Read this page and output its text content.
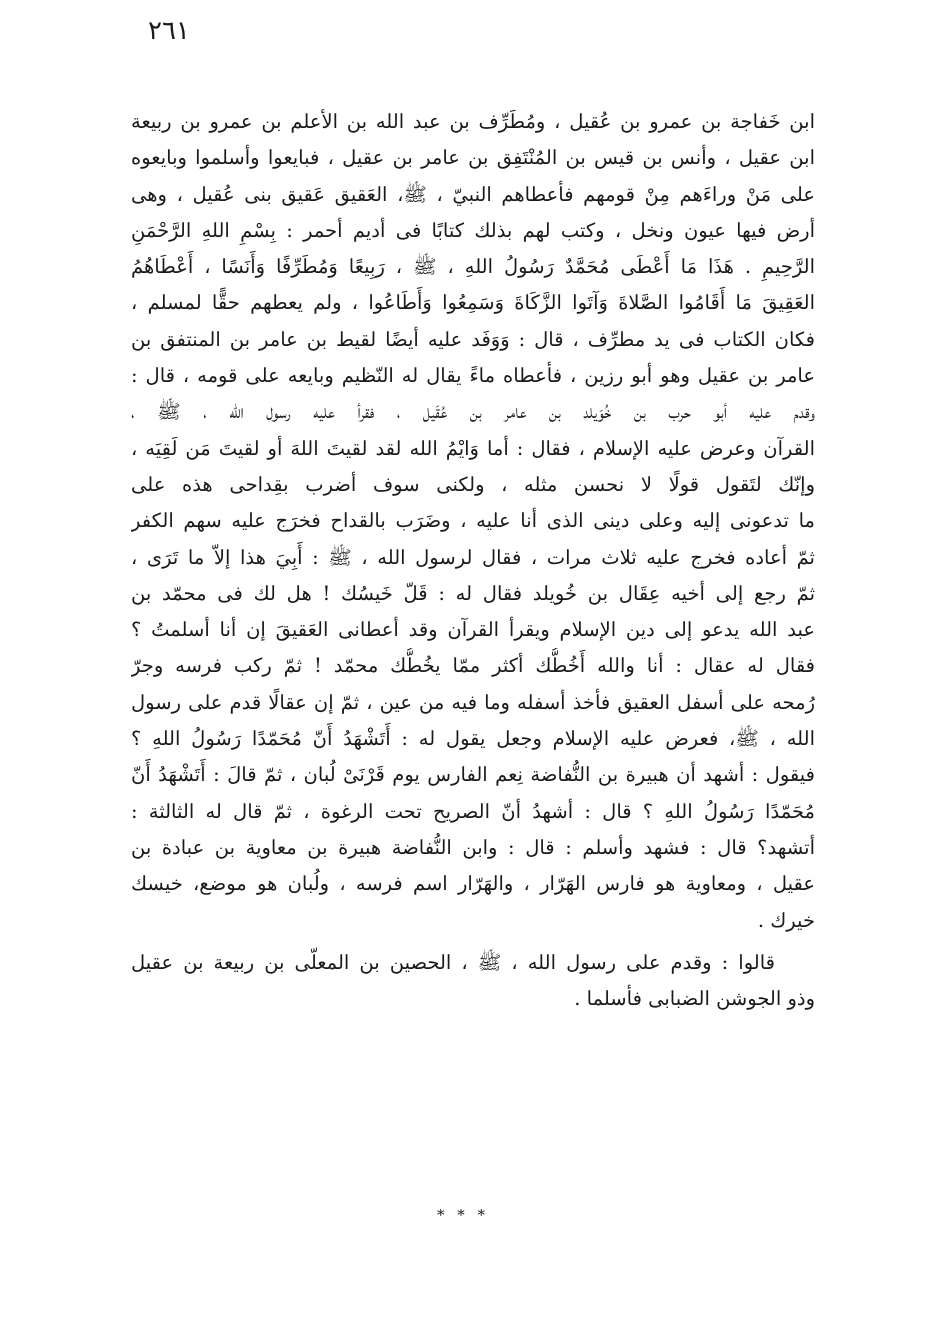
٢٦١
ابن خَفاجة بن عمرو بن عُقيل ، ومُطَرِّف بن عبد الله بن الأعلم بن عمرو بن ربيعة
ابن عقيل ، وأنس بن قيس بن المُنْتَفِق بن عامر بن عقيل ، فبايعوا وأسلموا وبايعوه
على مَنْ وراءَهم مِنْ قومهم فأعطاهم النبيّ ، ﷺ، العَقيق عَقيق بنى عُقيل ، وهى
أرض فيها عيون ونخل ، وكتب لهم بذلك كتابًا فى أديم أحمر : بِسْمِ اللهِ الرَّحْمَنِ
الرَّحِيمِ . هَذَا مَا أَعْطَى مُحَمَّدٌ رَسُولُ اللهِ ، ﷺ ، رَبِيعًا وَمُطَرِّفًا وَأَنَسًا ، أَعْطَاهُمُ
العَقِيقَ مَا أَقَامُوا الصَّلاةَ وَآتَوا الزَّكَاةَ وَسَمِعُوا وَأَطَاعُوا ، ولم يعطهم حقًّا لمسلم ،
فكان الكتاب فى يد مطرِّف ، قال : وَوَفَد عليه أيضًا لقيط بن عامر بن المنتفق بن
عامر بن عقيل وهو أبو رزين ، فأعطاه ماءً يقال له النّظيم وبايعه على قومه ، قال :
وقدم عليه أبو حرب بن خُوَيلد بن عامر بن عُقَيل ، فقرأ عليه رسول الله ، ﷺ ،
القرآن وعرض عليه الإسلام ، فقال : أما وَايْمُ الله لقد لقيتَ اللهَ أو لقيتَ مَن لَقِيَه ،
وإنّك لتَقول قولًا لا نحسن مثله ، ولكنى سوف أضرب بقِداحى هذه على
ما تدعونى إليه وعلى دينى الذى أنا عليه ، وضَرَب بالقداح فخرَج عليه سهم الكفر
ثمّ أعاده فخرج عليه ثلاث مرات ، فقال لرسول الله ، ﷺ : أَبِيَ هذا إلاّ ما تَرَى ،
ثمّ رجع إلى أخيه عِقَال بن خُويلد فقال له : قَلّ خَيسُك ! هل لك فى محمّد بن
عبد الله يدعو إلى دين الإسلام ويقرأ القرآن وقد أعطانى العَقيقَ إن أنا أسلمتُ ؟
فقال له عقال : أنا والله أَخُطُّك أكثر ممّا يخُطُّك محمّد ! ثمّ ركب فرسه وجرّ
رُمحه على أسفل العقيق فأخذ أسفله وما فيه من عين ، ثمّ إن عقالًا قدم على رسول
الله ، ﷺ، فعرض عليه الإسلام وجعل يقول له : أَتَشْهَدُ أَنّ مُحَمّدًا رَسُولُ اللهِ ؟
فيقول : أشهد أن هبيرة بن النُّفاضة نِعم الفارس يوم قَرْنَىْ لُبان ، ثمّ قالَ : أَتَشْهَدُ أَنّ
مُحَمّدًا رَسُولُ اللهِ ؟ قال : أشهدُ أنّ الصريح تحت الرغوة ، ثمّ قال له الثالثة :
أتشهد؟ قال : فشهد وأسلم : قال : وابن النُّفاضة هبيرة بن معاوية بن عبادة بن
عقيل ، ومعاوية هو فارس الهَرّار ، والهَرّار اسم فرسه ، ولُبان هو موضع، خيسك
خيرك .
قالوا : وقدم على رسول الله ، ﷺ ، الحصين بن المعلّى بن ربيعة بن عقيل
وذو الجوشن الضبابى فأسلما .
* * *
